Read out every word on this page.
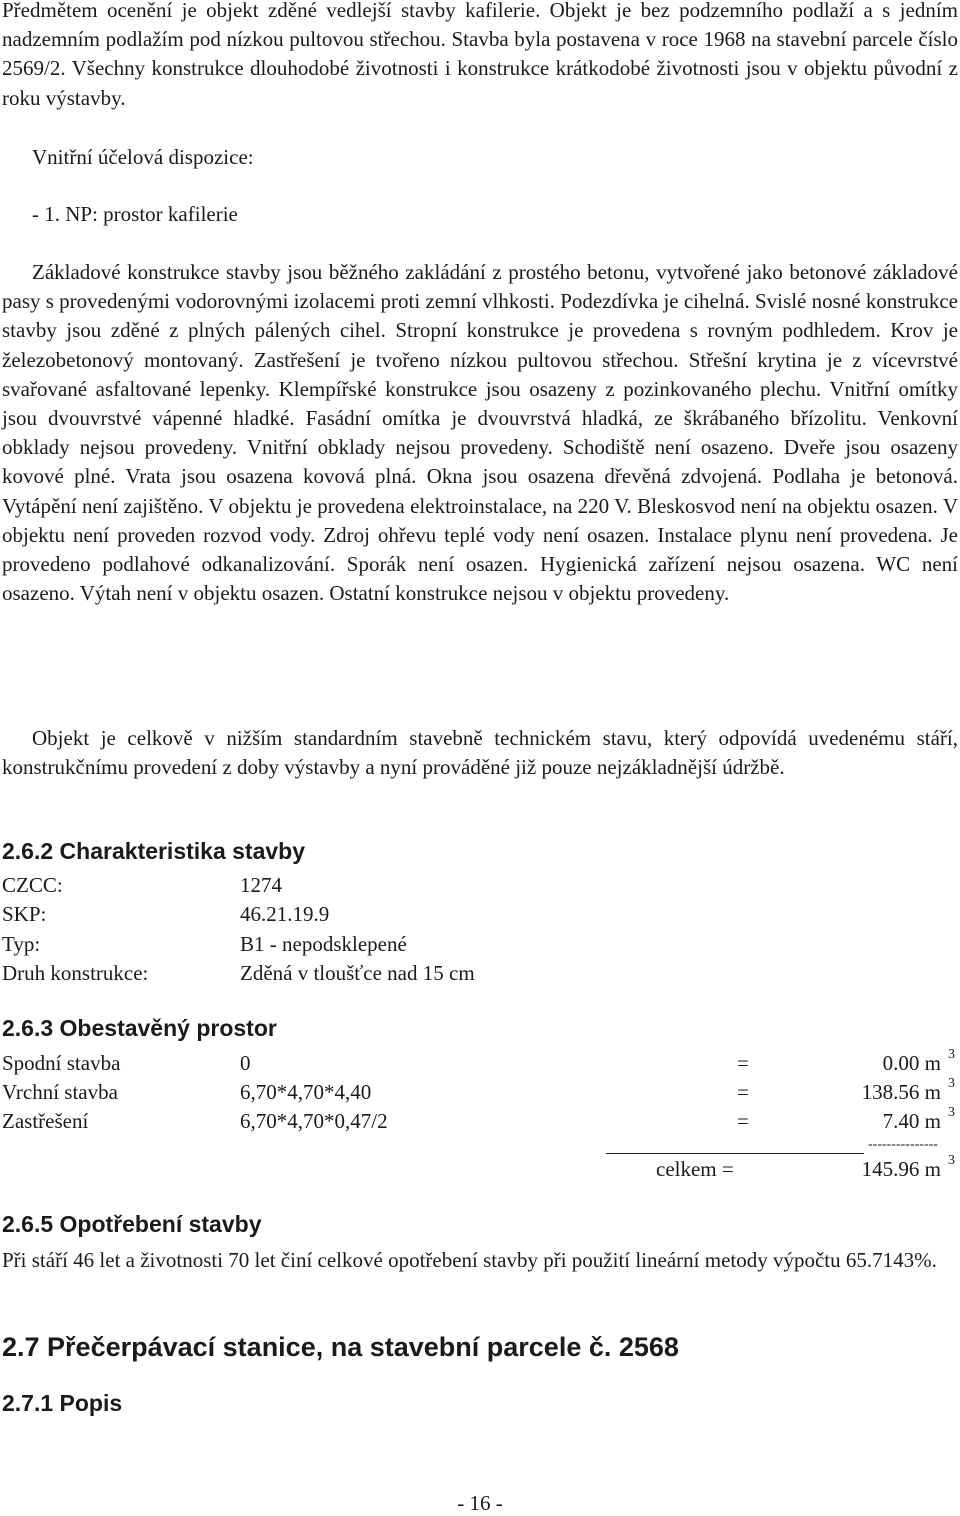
Předmětem ocenění je objekt zděné vedlejší stavby kafilerie. Objekt je bez podzemního podlaží a s jedním nadzemním podlažím pod nízkou pultovou střechou. Stavba byla postavena v roce 1968 na stavební parcele číslo 2569/2. Všechny konstrukce dlouhodobé životnosti i konstrukce krátkodobé životnosti jsou v objektu původní z roku výstavby.

Vnitřní účelová dispozice:

- 1. NP: prostor kafilerie

Základové konstrukce stavby jsou běžného zakládání z prostého betonu, vytvořené jako betonové základové pasy s provedenými vodorovnými izolacemi proti zemní vlhkosti. Podezdívka je cihelná. Svislé nosné konstrukce stavby jsou zděné z plných pálených cihel. Stropní konstrukce je provedena s rovným podhledem. Krov je železobetonový montovaný. Zastřešení je tvořeno nízkou pultovou střechou. Střešní krytina je z vícevrstvé svařované asfaltované lepenky. Klempířské konstrukce jsou osazeny z pozinkovaného plechu. Vnitřní omítky jsou dvouvrstvé vápenné hladké. Fasádní omítka je dvouvrstvá hladká, ze škrábaného břízolitu. Venkovní obklady nejsou provedeny. Vnitřní obklady nejsou provedeny. Schodiště není osazeno. Dveře jsou osazeny kovové plné. Vrata jsou osazena kovová plná. Okna jsou osazena dřevěná zdvojená. Podlaha je betonová. Vytápění není zajištěno. V objektu je provedena elektroinstalace, na 220 V. Bleskosvod není na objektu osazen. V objektu není proveden rozvod vody. Zdroj ohřevu teplé vody není osazen. Instalace plynu není provedena. Je provedeno podlahové odkanalizování. Sporák není osazen. Hygienická zařízení nejsou osazena. WC není osazeno. Výtah není v objektu osazen. Ostatní konstrukce nejsou v objektu provedeny.

Objekt je celkově v nižším standardním stavebně technickém stavu, který odpovídá uvedenému stáří, konstrukčnímu provedení z doby výstavby a nyní prováděné již pouze nejzákladnější údržbě.

2.6.2 Charakteristika stavby
CZCC:	1274
SKP:	46.21.19.9
Typ:	B1 - nepodsklepené
Druh konstrukce:	Zděná v tloušťce nad 15 cm
2.6.3 Obestavěný prostor
Spodní stavba	0	=	0.00 m 3
Vrchní stavba	6,70*4,70*4,40	=	138.56 m 3
Zastřešení	6,70*4,70*0,47/2	=	7.40 m 3
---------------
celkem =	145.96 m 3
2.6.5 Opotřebení stavby

Při stáří 46 let a životnosti 70 let činí celkové opotřebení stavby při použití lineární metody výpočtu 65.7143%.

2.7 Přečerpávací stanice, na stavební parcele č. 2568
2.7.1 Popis
- 16 -
